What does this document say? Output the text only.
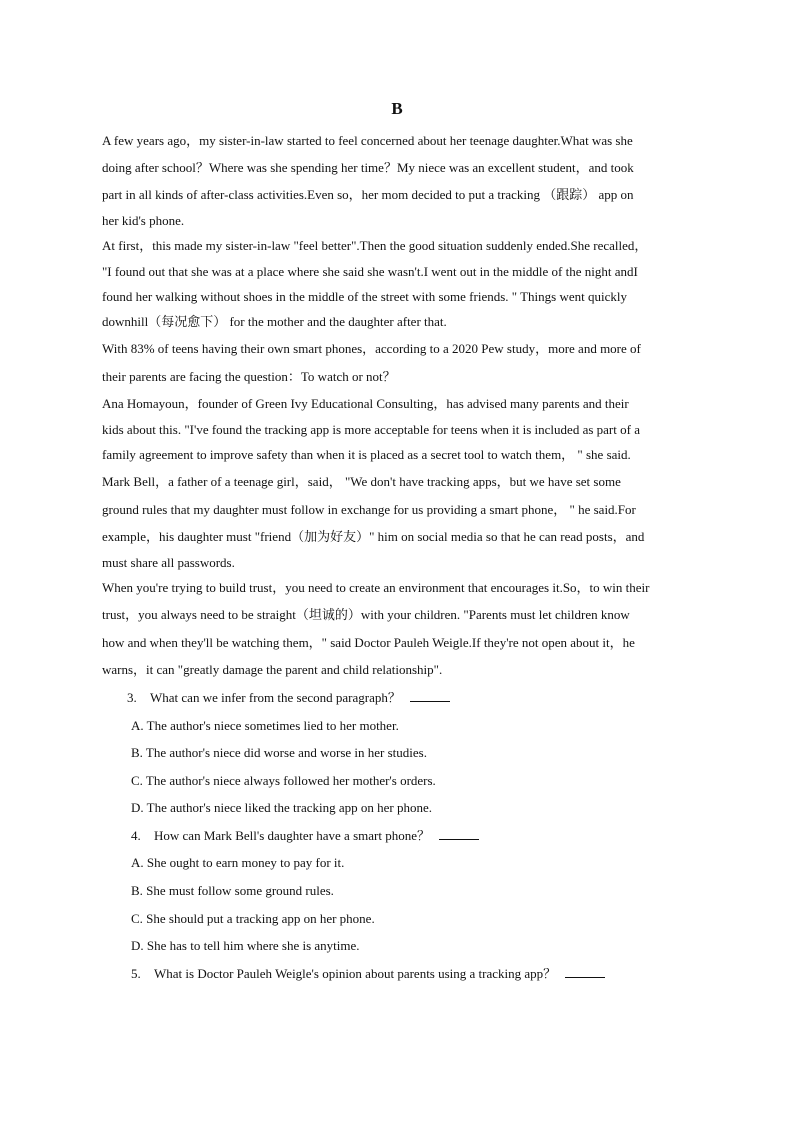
B
A few years ago，my sister-in-law started to feel concerned about her teenage daughter.What was she
doing after school？Where was she spending her time？My niece was an excellent student，and took
part in all kinds of after-class activities.Even so，her mom decided to put a tracking （跟踪） app on
her kid's phone.
At first，this made my sister-in-law "feel better".Then the good situation suddenly ended.She recalled，
"I found out that she was at a place where she said she wasn't.I went out in the middle of the night andI
found her walking without shoes in the middle of the street with some friends. " Things went quickly
downhill（每况愈下） for the mother and the daughter after that.
With 83% of teens having their own smart phones，according to a 2020 Pew study，more and more of
their parents are facing the question：To watch or not？
Ana Homayoun，founder of Green Ivy Educational Consulting，has advised many parents and their
kids about this. "I've found the tracking app is more acceptable for teens when it is included as part of a
family agreement to improve safety than when it is placed as a secret tool to watch them， " she said.
Mark Bell，a father of a teenage girl，said， "We don't have tracking apps，but we have set some
ground rules that my daughter must follow in exchange for us providing a smart phone， " he said.For
example，his daughter must "friend（加为好友）" him on social media so that he can read posts，and
must share all passwords.
When you're trying to build trust，you need to create an environment that encourages it.So，to win their
trust，you always need to be straight（坦诚的）with your children. "Parents must let children know
how and when they'll be watching them，" said Doctor Pauleh Weigle.If they're not open about it，he
warns，it can "greatly damage the parent and child relationship".
3. What can we infer from the second paragraph？
A. The author's niece sometimes lied to her mother.
B. The author's niece did worse and worse in her studies.
C. The author's niece always followed her mother's orders.
D. The author's niece liked the tracking app on her phone.
4. How can Mark Bell's daughter have a smart phone？
A. She ought to earn money to pay for it.
B. She must follow some ground rules.
C. She should put a tracking app on her phone.
D. She has to tell him where she is anytime.
5. What is Doctor Pauleh Weigle's opinion about parents using a tracking app？
